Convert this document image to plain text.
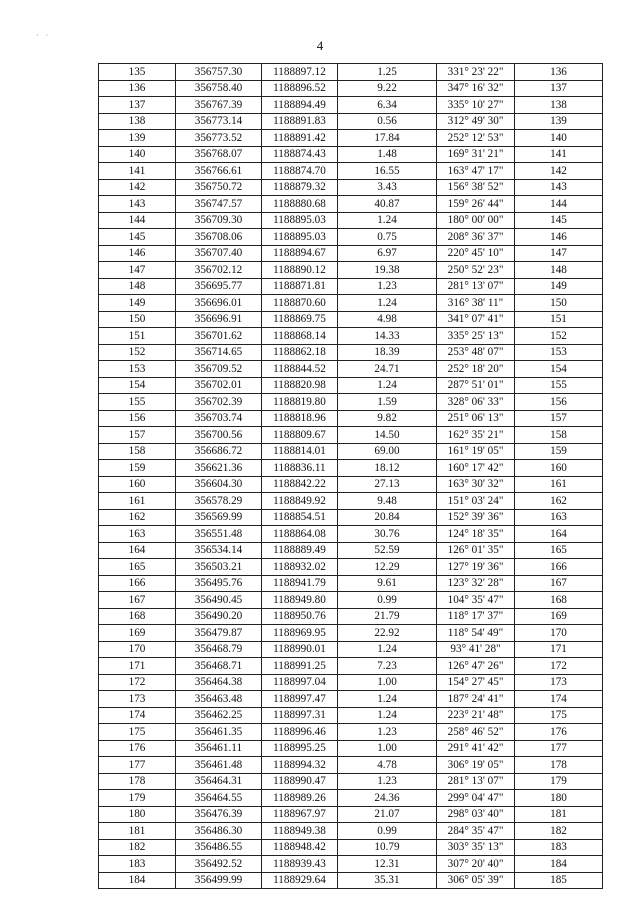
· ·
4
135	356757.30	1188897.12	1.25	331° 23' 22"	136
136	356758.40	1188896.52	9.22	347° 16' 32"	137
137	356767.39	1188894.49	6.34	335° 10' 27"	138
138	356773.14	1188891.83	0.56	312° 49' 30"	139
139	356773.52	1188891.42	17.84	252° 12' 53"	140
140	356768.07	1188874.43	1.48	169° 31' 21"	141
141	356766.61	1188874.70	16.55	163° 47' 17"	142
142	356750.72	1188879.32	3.43	156° 38' 52"	143
143	356747.57	1188880.68	40.87	159° 26' 44"	144
144	356709.30	1188895.03	1.24	180° 00' 00"	145
145	356708.06	1188895.03	0.75	208° 36' 37"	146
146	356707.40	1188894.67	6.97	220° 45' 10"	147
147	356702.12	1188890.12	19.38	250° 52' 23"	148
148	356695.77	1188871.81	1.23	281° 13' 07"	149
149	356696.01	1188870.60	1.24	316° 38' 11"	150
150	356696.91	1188869.75	4.98	341° 07' 41"	151
151	356701.62	1188868.14	14.33	335° 25' 13"	152
152	356714.65	1188862.18	18.39	253° 48' 07"	153
153	356709.52	1188844.52	24.71	252° 18' 20"	154
154	356702.01	1188820.98	1.24	287° 51' 01"	155
155	356702.39	1188819.80	1.59	328° 06' 33"	156
156	356703.74	1188818.96	9.82	251° 06' 13"	157
157	356700.56	1188809.67	14.50	162° 35' 21"	158
158	356686.72	1188814.01	69.00	161° 19' 05"	159
159	356621.36	1188836.11	18.12	160° 17' 42"	160
160	356604.30	1188842.22	27.13	163° 30' 32"	161
161	356578.29	1188849.92	9.48	151° 03' 24"	162
162	356569.99	1188854.51	20.84	152° 39' 36"	163
163	356551.48	1188864.08	30.76	124° 18' 35"	164
164	356534.14	1188889.49	52.59	126° 01' 35"	165
165	356503.21	1188932.02	12.29	127° 19' 36"	166
166	356495.76	1188941.79	9.61	123° 32' 28"	167
167	356490.45	1188949.80	0.99	104° 35' 47"	168
168	356490.20	1188950.76	21.79	118° 17' 37"	169
169	356479.87	1188969.95	22.92	118° 54' 49"	170
170	356468.79	1188990.01	1.24	93° 41' 28"	171
171	356468.71	1188991.25	7.23	126° 47' 26"	172
172	356464.38	1188997.04	1.00	154° 27' 45"	173
173	356463.48	1188997.47	1.24	187° 24' 41"	174
174	356462.25	1188997.31	1.24	223° 21' 48"	175
175	356461.35	1188996.46	1.23	258° 46' 52"	176
176	356461.11	1188995.25	1.00	291° 41' 42"	177
177	356461.48	1188994.32	4.78	306° 19' 05"	178
178	356464.31	1188990.47	1.23	281° 13' 07"	179
179	356464.55	1188989.26	24.36	299° 04' 47"	180
180	356476.39	1188967.97	21.07	298° 03' 40"	181
181	356486.30	1188949.38	0.99	284° 35' 47"	182
182	356486.55	1188948.42	10.79	303° 35' 13"	183
183	356492.52	1188939.43	12.31	307° 20' 40"	184
184	356499.99	1188929.64	35.31	306° 05' 39"	185
